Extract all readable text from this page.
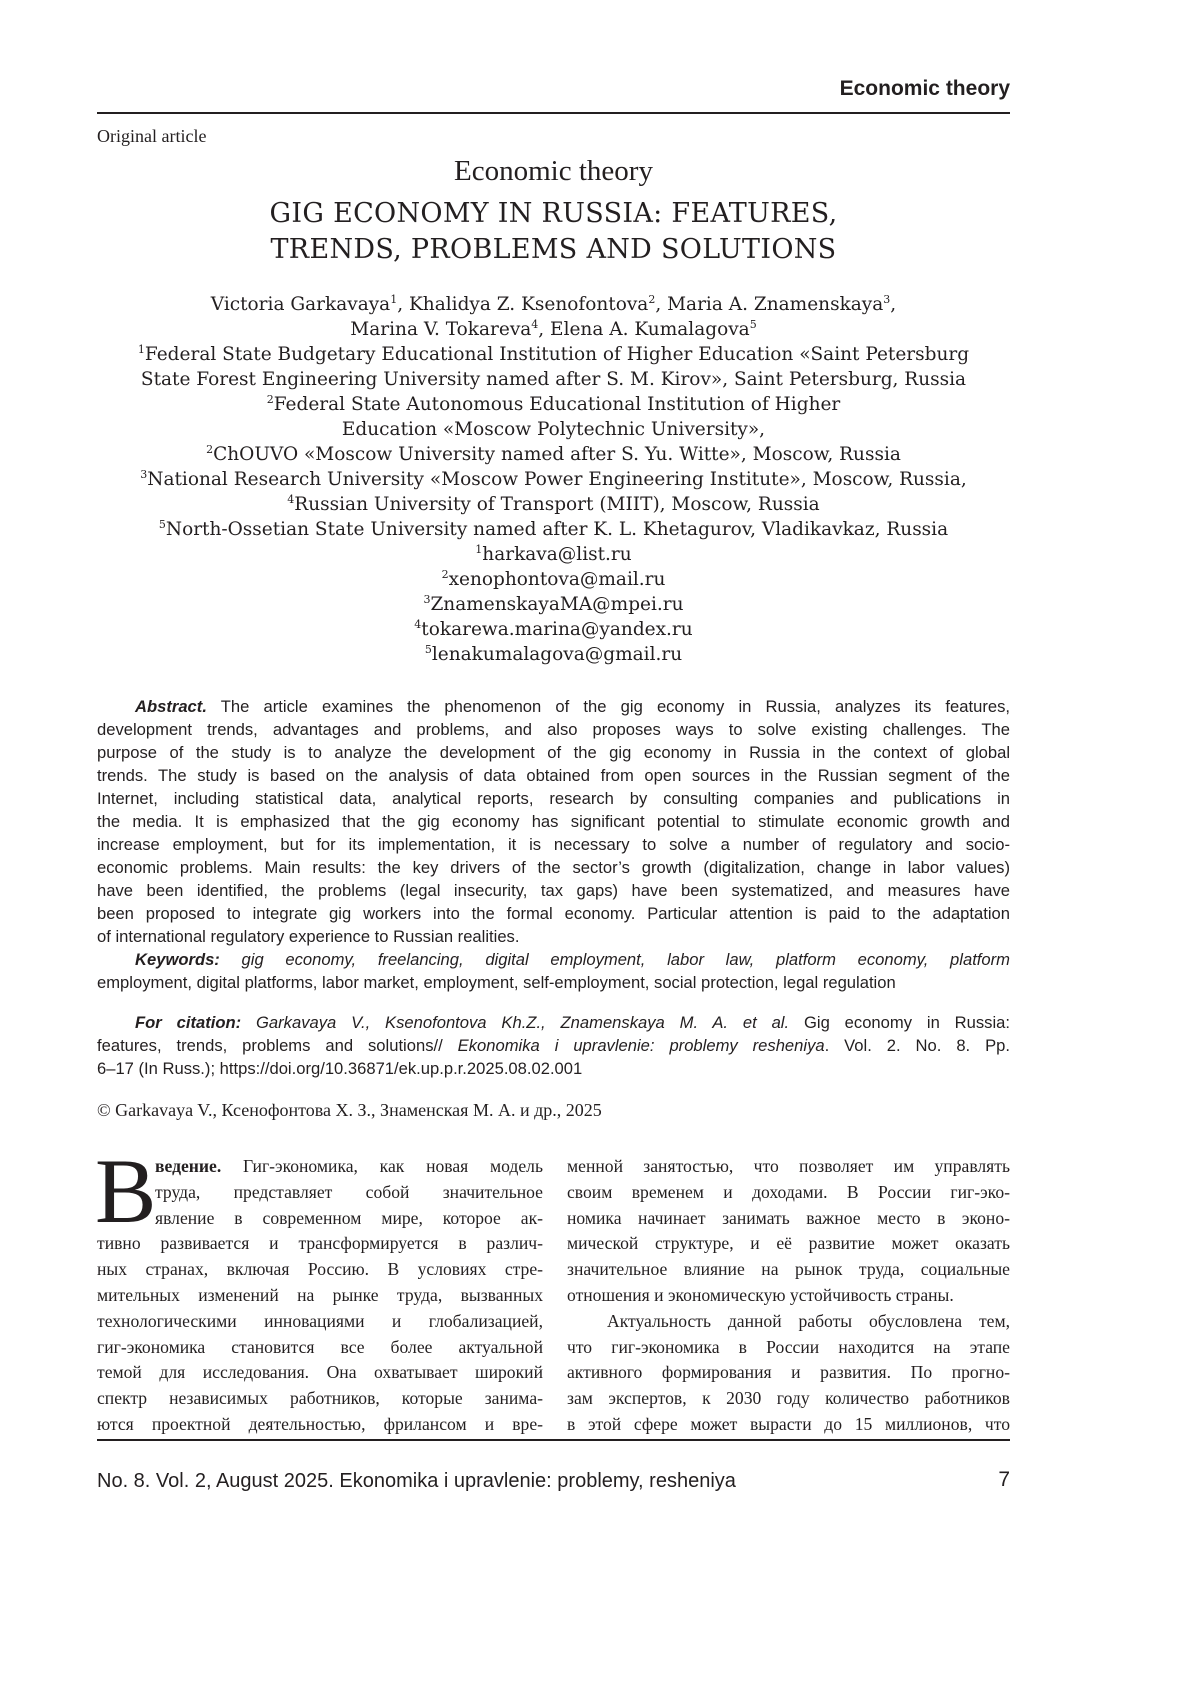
Economic theory
Original article
Economic theory
GIG ECONOMY IN RUSSIA: FEATURES,
TRENDS, PROBLEMS AND SOLUTIONS
Victoria Garkavaya1, Khalidya Z. Ksenofontova2, Maria A. Znamenskaya3,
Marina V. Tokareva4, Elena A. Kumalagova5
1Federal State Budgetary Educational Institution of Higher Education «Saint Petersburg
State Forest Engineering University named after S. M. Kirov», Saint Petersburg, Russia
2Federal State Autonomous Educational Institution of Higher
Education «Moscow Polytechnic University»,
2ChOUVO «Moscow University named after S. Yu. Witte», Moscow, Russia
3National Research University «Moscow Power Engineering Institute», Moscow, Russia,
4Russian University of Transport (MIIT), Moscow, Russia
5North-Ossetian State University named after K. L. Khetagurov, Vladikavkaz, Russia
1harkava@list.ru
2xenophontova@mail.ru
3ZnamenskayaMA@mpei.ru
4tokarewa.marina@yandex.ru
5lenakumalagova@gmail.ru
Abstract. The article examines the phenomenon of the gig economy in Russia, analyzes its features,
development trends, advantages and problems, and also proposes ways to solve existing challenges. The
purpose of the study is to analyze the development of the gig economy in Russia in the context of global
trends. The study is based on the analysis of data obtained from open sources in the Russian segment of the
Internet, including statistical data, analytical reports, research by consulting companies and publications in
the media. It is emphasized that the gig economy has significant potential to stimulate economic growth and
increase employment, but for its implementation, it is necessary to solve a number of regulatory and socio-
economic problems. Main results: the key drivers of the sector’s growth (digitalization, change in labor values)
have been identified, the problems (legal insecurity, tax gaps) have been systematized, and measures have
been proposed to integrate gig workers into the formal economy. Particular attention is paid to the adaptation
of international regulatory experience to Russian realities.
Keywords: gig economy, freelancing, digital employment, labor law, platform economy, platform
employment, digital platforms, labor market, employment, self-employment, social protection, legal regulation
For citation: Garkavaya V., Ksenofontova Kh.Z., Znamenskaya M. A. et al. Gig economy in Russia:
features, trends, problems and solutions// Ekonomika i upravlenie: problemy resheniya. Vol. 2. No. 8. Pp.
6–17 (In Russ.); https://doi.org/10.36871/ek.up.p.r.2025.08.02.001
© Garkavaya V., Ксенофонтова Х. З., Знаменская М. А. и др., 2025
В
ведение. Гиг-экономика, как новая модель
труда, представляет собой значительное
явление в современном мире, которое ак-
тивно развивается и трансформируется в различ-
ных странах, включая Россию. В условиях стре-
мительных изменений на рынке труда, вызванных
технологическими инновациями и глобализацией,
гиг-экономика становится все более актуальной
темой для исследования. Она охватывает широкий
спектр независимых работников, которые занима-
ются проектной деятельностью, фрилансом и вре-
менной занятостью, что позволяет им управлять
своим временем и доходами. В России гиг-эко-
номика начинает занимать важное место в эконо-
мической структуре, и её развитие может оказать
значительное влияние на рынок труда, социальные
отношения и экономическую устойчивость страны.
Актуальность данной работы обусловлена тем,
что гиг-экономика в России находится на этапе
активного формирования и развития. По прогно-
зам экспертов, к 2030 году количество работников
в этой сфере может вырасти до 15 миллионов, что
No. 8. Vol. 2, August 2025. Ekonomika i upravlenie: problemy, resheniya	7
